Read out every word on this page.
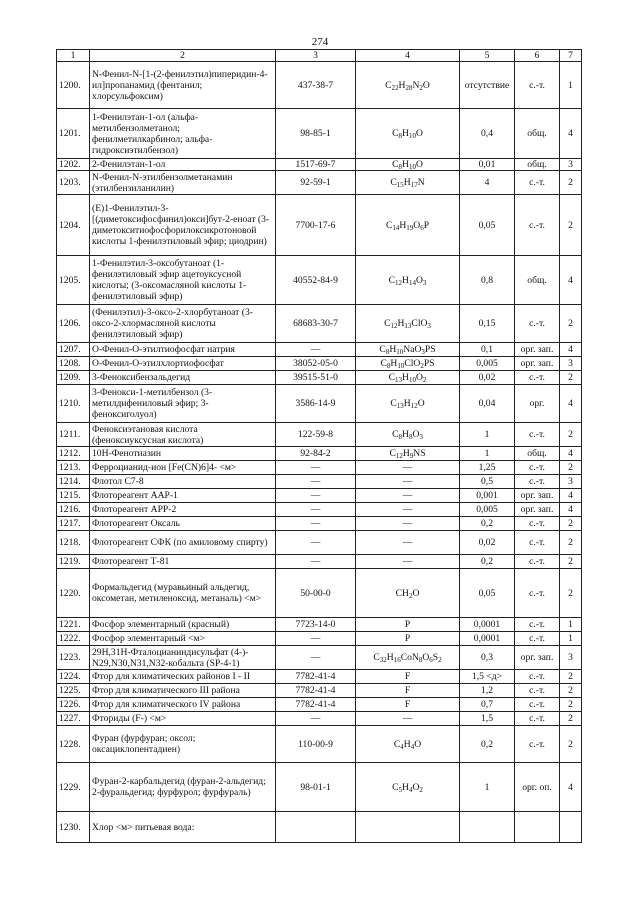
274
1	2	3	4	5	6	7
1200.	N-Фенил-N-[1-(2-фенилэтил)пиперидин-4-ил]пропанамид (фентанил; хлорсульфоксим)	437-38-7	$C_{22}H_{28}N_2O$	отсутствие	с.-т.	1
1201.	1-Фенилэтан-1-ол (альфа-метилбензолметанол; фенилметилкарбинол; альфа-гидроксиэтилбензол)	98-85-1	$C_8H_{10}O$	0,4	общ.	4
1202.	2-Фенилэтан-1-ол	1517-69-7	$C_8H_{10}O$	0,01	общ.	3
1203.	N-Фенил-N-этилбензолметанамин (этилбензиланилин)	92-59-1	$C_{15}H_{17}N$	4	с.-т.	2
1204.	(E)1-Фенилэтил-3-[(диметоксифосфинил)окси]бут-2-еноат (3-диметокситиофосфорилоксикротоновой кислоты 1-фенилэтиловый эфир; циодрин)	7700-17-6	$C_{14}H_{19}O_6P$	0,05	с.-т.	2
1205.	1-Фенилэтил-3-оксобутаноат (1-фенилэтиловый эфир ацетоуксусной кислоты; (3-оксомасляной кислоты 1-фенилэтиловый эфир)	40552-84-9	$C_{12}H_{14}O_3$	0,8	общ.	4
1206.	(Фенилэтил)-3-оксо-2-хлорбутаноат (3-оксо-2-хлормасляной кислоты фенилэтиловый эфир)	68683-30-7	$C_{12}H_{13}ClO_3$	0,15	с.-т.	2
1207.	О-Фенил-О-этилтиофосфат натрия	—	$C_8H_{10}NaO_3PS$	0,1	орг. зап.	4
1208.	О-Фенил-О-этилхлортиофосфат	38052-05-0	$C_8H_{10}ClO_2PS$	0,005	орг. зап.	3
1209.	3-Феноксибензальдегид	39515-51-0	$C_{13}H_{10}O_2$	0,02	с.-т.	2
1210.	3-Фенокси-1-метилбензол (3-метилдифениловый эфир; 3-феноксиголуол)	3586-14-9	$C_{13}H_{12}O$	0,04	орг.	4
1211.	Феноксиэтановая кислота (феноксиуксусная кислота)	122-59-8	$C_8H_8O_3$	1	с.-т.	2
1212.	10Н-Фенотиазин	92-84-2	$C_{12}H_9NS$	1	общ.	4
1213.	Ферроцианид-ион [Fe(CN)6]4- <м>	—	—	1,25	с.-т.	2
1214.	Флотол С7-8	—	—	0,5	с.-т.	3
1215.	Флотореагент ААР-1	—	—	0,001	орг. зап.	4
1216.	Флотореагент АРР-2	—	—	0,005	орг. зап.	4
1217.	Флотореагент Оксаль	—	—	0,2	с.-т.	2
1218.	Флотореагент СФК (по амиловому спирту)	—	—	0,02	с.-т.	2
1219.	Флотореагент Т-81	—	—	0,2	с.-т.	2
1220.	Формальдегид (муравьиный альдегид, оксометан, метиленоксид, метаналь) <м>	50-00-0	$CH_2O$	0,05	с.-т.	2
1221.	Фосфор элементарный (красный)	7723-14-0	P	0,0001	с.-т.	1
1222.	Фосфор элементарный <м>	—	P	0,0001	с.-т.	1
1223.	29Н,31Н-Фталоцианиндисульфат (4-)-N29,N30,N31,N32-кобальта (SP-4-1)	—	$C_{32}H_{16}CoN_8O_6S_2$	0,3	орг. зап.	3
1224.	Фтор для климатических районов I - II	7782-41-4	F	1,5 <д>	с.-т.	2
1225.	Фтор для климатического III района	7782-41-4	F	1,2	с.-т.	2
1226.	Фтор для климатического IV района	7782-41-4	F	0,7	с.-т.	2
1227.	Фториды (F-) <м>	—	—	1,5	с.-т.	2
1228.	Фуран (фурфуран; оксол; оксациклопентадиен)	110-00-9	$C_4H_4O$	0,2	с.-т.	2
1229.	Фуран-2-карбальдегид (фуран-2-альдегид; 2-фуральдегид; фурфурол; фурфураль)	98-01-1	$C_5H_4O_2$	1	орг. оп.	4
1230.	Хлор <м> питьевая вода:					
